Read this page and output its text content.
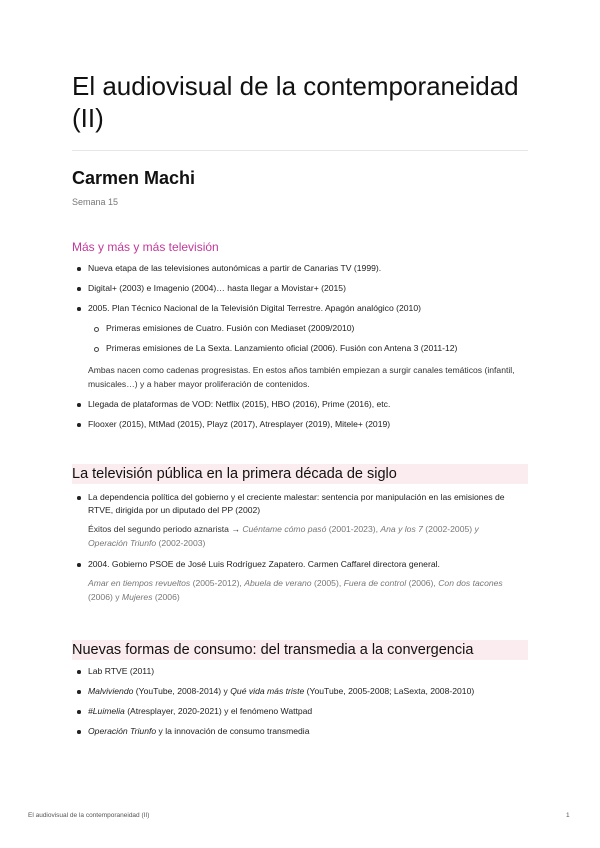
El audiovisual de la contemporaneidad (II)
Carmen Machi
Semana 15
Más y más y más televisión
Nueva etapa de las televisiones autonómicas a partir de Canarias TV (1999).
Digital+ (2003) e Imagenio (2004)… hasta llegar a Movistar+ (2015)
2005. Plan Técnico Nacional de la Televisión Digital Terrestre. Apagón analógico (2010)
Primeras emisiones de Cuatro. Fusión con Mediaset (2009/2010)
Primeras emisiones de La Sexta. Lanzamiento oficial (2006). Fusión con Antena 3 (2011-12)
Ambas nacen como cadenas progresistas. En estos años también empiezan a surgir canales temáticos (infantil, musicales…) y a haber mayor proliferación de contenidos.
Llegada de plataformas de VOD: Netflix (2015), HBO (2016), Prime (2016), etc.
Flooxer (2015), MtMad (2015), Playz (2017), Atresplayer (2019), Mitele+ (2019)
La televisión pública en la primera década de siglo
La dependencia política del gobierno y el creciente malestar: sentencia por manipulación en las emisiones de RTVE, dirigida por un diputado del PP (2002)
Éxitos del segundo periodo aznarista → Cuéntame cómo pasó (2001-2023), Ana y los 7 (2002-2005) y Operación Triunfo (2002-2003)
2004. Gobierno PSOE de José Luis Rodríguez Zapatero. Carmen Caffarel directora general.
Amar en tiempos revueltos (2005-2012), Abuela de verano (2005), Fuera de control (2006), Con dos tacones (2006) y Mujeres (2006)
Nuevas formas de consumo: del transmedia a la convergencia
Lab RTVE (2011)
Malviviendo (YouTube, 2008-2014) y Qué vida más triste (YouTube, 2005-2008; LaSexta, 2008-2010)
#Luimelia (Atresplayer, 2020-2021) y el fenómeno Wattpad
Operación Triunfo y la innovación de consumo transmedia
El audiovisual de la contemporaneidad (II)	1
